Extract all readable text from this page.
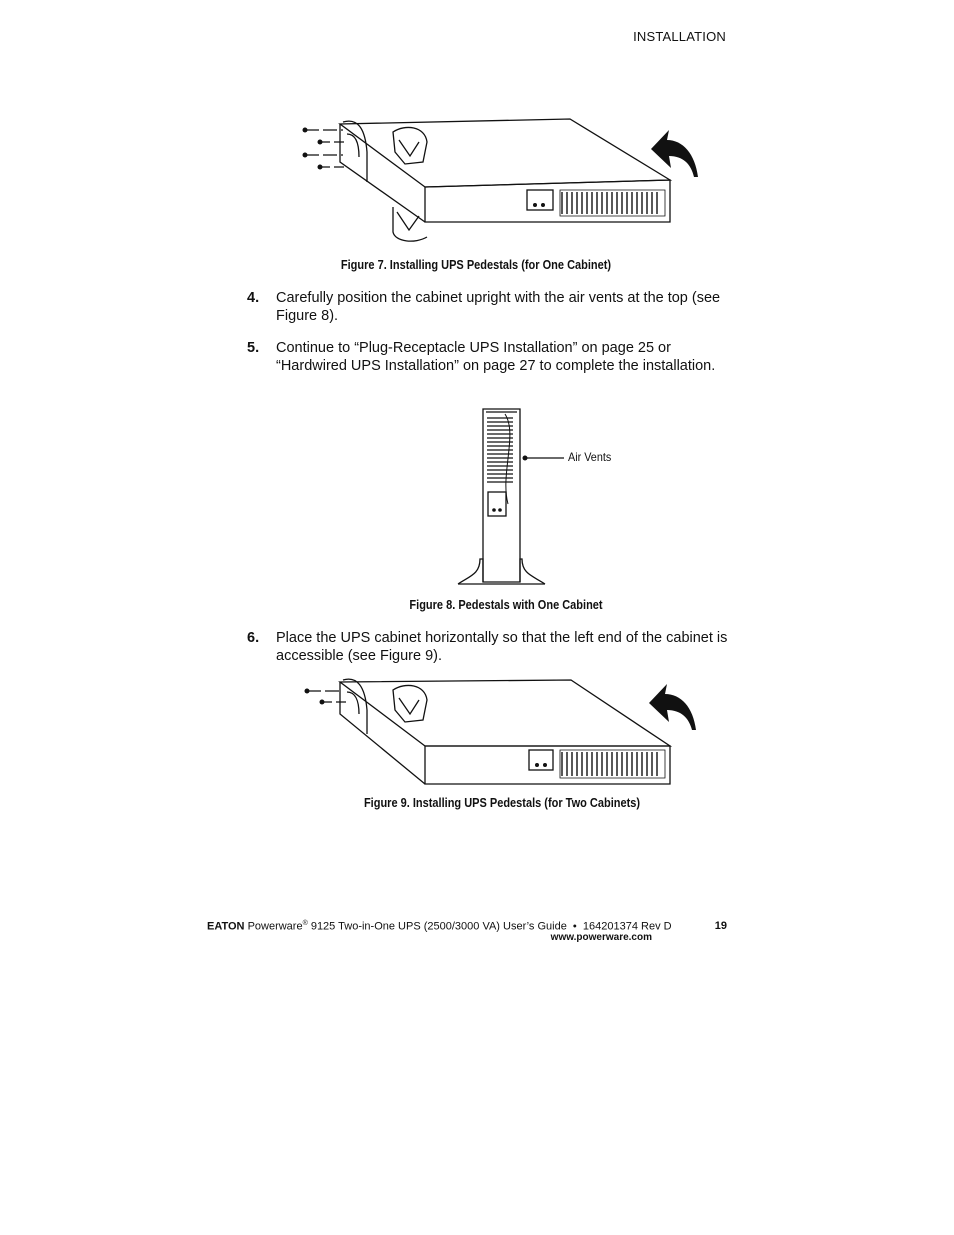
INSTALLATION
Figure 7. Installing UPS Pedestals (for One Cabinet)
4. Carefully position the cabinet upright with the air vents at the top (see Figure 8).
5. Continue to “Plug-Receptacle UPS Installation” on page 25 or “Hardwired UPS Installation” on page 27 to complete the installation.
Air Vents
Figure 8. Pedestals with One Cabinet
6. Place the UPS cabinet horizontally so that the left end of the cabinet is accessible (see Figure 9).
Figure 9. Installing UPS Pedestals (for Two Cabinets)
EATON Powerware® 9125 Two-in-One UPS (2500/3000 VA) User’s Guide  •  164201374 Rev D
www.powerware.com
19
